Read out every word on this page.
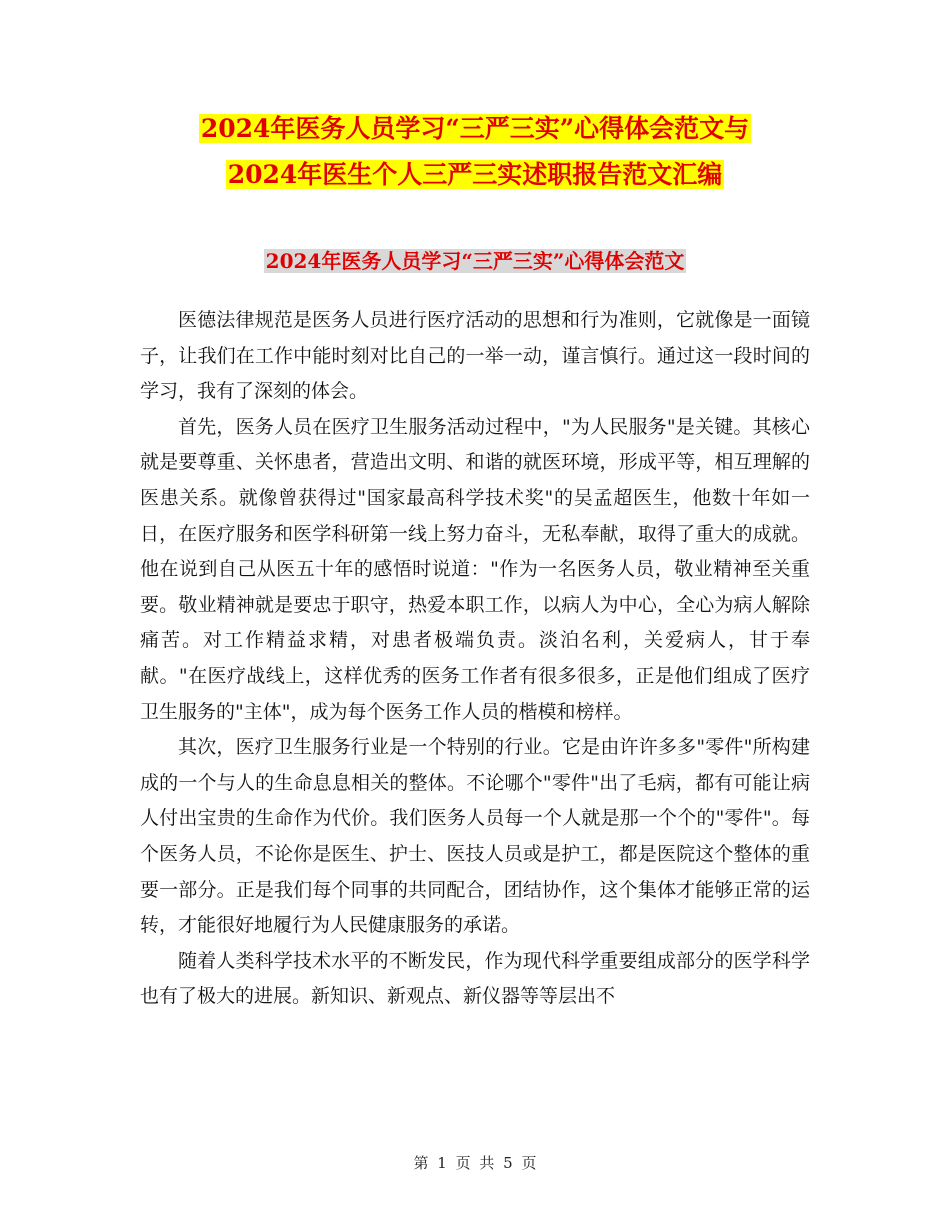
2024年医务人员学习“三严三实”心得体会范文与
2024年医生个人三严三实述职报告范文汇编
2024年医务人员学习“三严三实”心得体会范文

医德法律规范是医务人员进行医疗活动的思想和行为准则，它就像是一面镜子，让我们在工作中能时刻对比自己的一举一动，谨言慎行。通过这一段时间的学习，我有了深刻的体会。

首先，医务人员在医疗卫生服务活动过程中，"为人民服务"是关键。其核心就是要尊重、关怀患者，营造出文明、和谐的就医环境，形成平等，相互理解的医患关系。就像曾获得过"国家最高科学技术奖"的吴孟超医生，他数十年如一日，在医疗服务和医学科研第一线上努力奋斗，无私奉献，取得了重大的成就。他在说到自己从医五十年的感悟时说道："作为一名医务人员，敬业精神至关重要。敬业精神就是要忠于职守，热爱本职工作，以病人为中心，全心为病人解除痛苦。对工作精益求精，对患者极端负责。淡泊名利，关爱病人，甘于奉献。"在医疗战线上，这样优秀的医务工作者有很多很多，正是他们组成了医疗卫生服务的"主体"，成为每个医务工作人员的楷模和榜样。

其次，医疗卫生服务行业是一个特别的行业。它是由许许多多"零件"所构建成的一个与人的生命息息相关的整体。不论哪个"零件"出了毛病，都有可能让病人付出宝贵的生命作为代价。我们医务人员每一个人就是那一个个的"零件"。每个医务人员，不论你是医生、护士、医技人员或是护工，都是医院这个整体的重要一部分。正是我们每个同事的共同配合，团结协作，这个集体才能够正常的运转，才能很好地履行为人民健康服务的承诺。

随着人类科学技术水平的不断发民，作为现代科学重要组成部分的医学科学也有了极大的进展。新知识、新观点、新仪器等等层出不

第 1 页 共 5 页
